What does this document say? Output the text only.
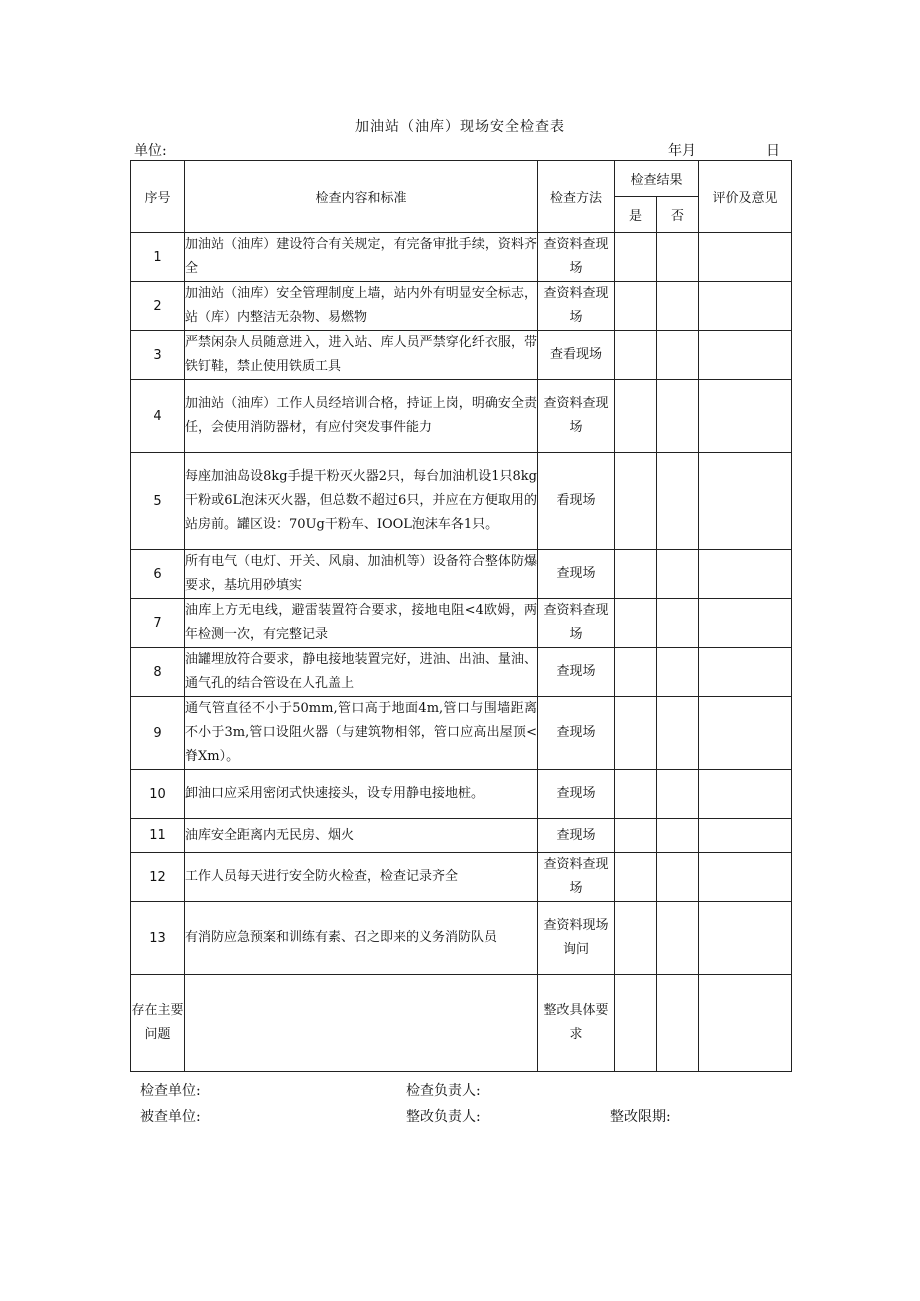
加油站（油库）现场安全检查表
单位:	年月	日
序号	检查内容和标准	检查方法	检查结果		评价及意见
			是	否	
1	加油站（油库）建设符合有关规定，有完备审批手续，资料齐全	查资料查现场			
2	加油站（油库）安全管理制度上墙，站内外有明显安全标志，站（库）内整洁无杂物、易燃物	查资料查现场			
3	严禁闲杂人员随意进入，进入站、库人员严禁穿化纤衣服，带铁钉鞋，禁止使用铁质工具	查看现场			
4	加油站（油库）工作人员经培训合格，持证上岗，明确安全责任，会使用消防器材，有应付突发事件能力	查资料查现场			
5	每座加油岛设8kg手提干粉灭火器2只，每台加油机设1只8kg干粉或6L泡沫灭火器，但总数不超过6只，并应在方便取用的站房前。罐区设：70Ug干粉车、IOOL泡沫车各1只。	看现场			
6	所有电气（电灯、开关、风扇、加油机等）设备符合整体防爆要求，基坑用砂填实	查现场			
7	油库上方无电线，避雷装置符合要求，接地电阻<4欧姆，两年检测一次，有完整记录	查资料查现场			
8	油罐埋放符合要求，静电接地装置完好，进油、出油、量油、通气孔的结合管设在人孔盖上	查现场			
9	通气管直径不小于50mm,管口高于地面4m,管口与围墙距离不小于3m,管口设阻火器（与建筑物相邻，管口应高出屋顶<脊Xm）。	查现场			
10	卸油口应采用密闭式快速接头，设专用静电接地桩。	查现场			
11	油库安全距离内无民房、烟火	查现场			
12	工作人员每天进行安全防火检查，检查记录齐全	查资料查现场			
13	有消防应急预案和训练有素、召之即来的义务消防队员	查资料现场询问			
存在主要问题		整改具体要求			
检查单位:	检查负责人:
被查单位:	整改负责人:	整改限期:
